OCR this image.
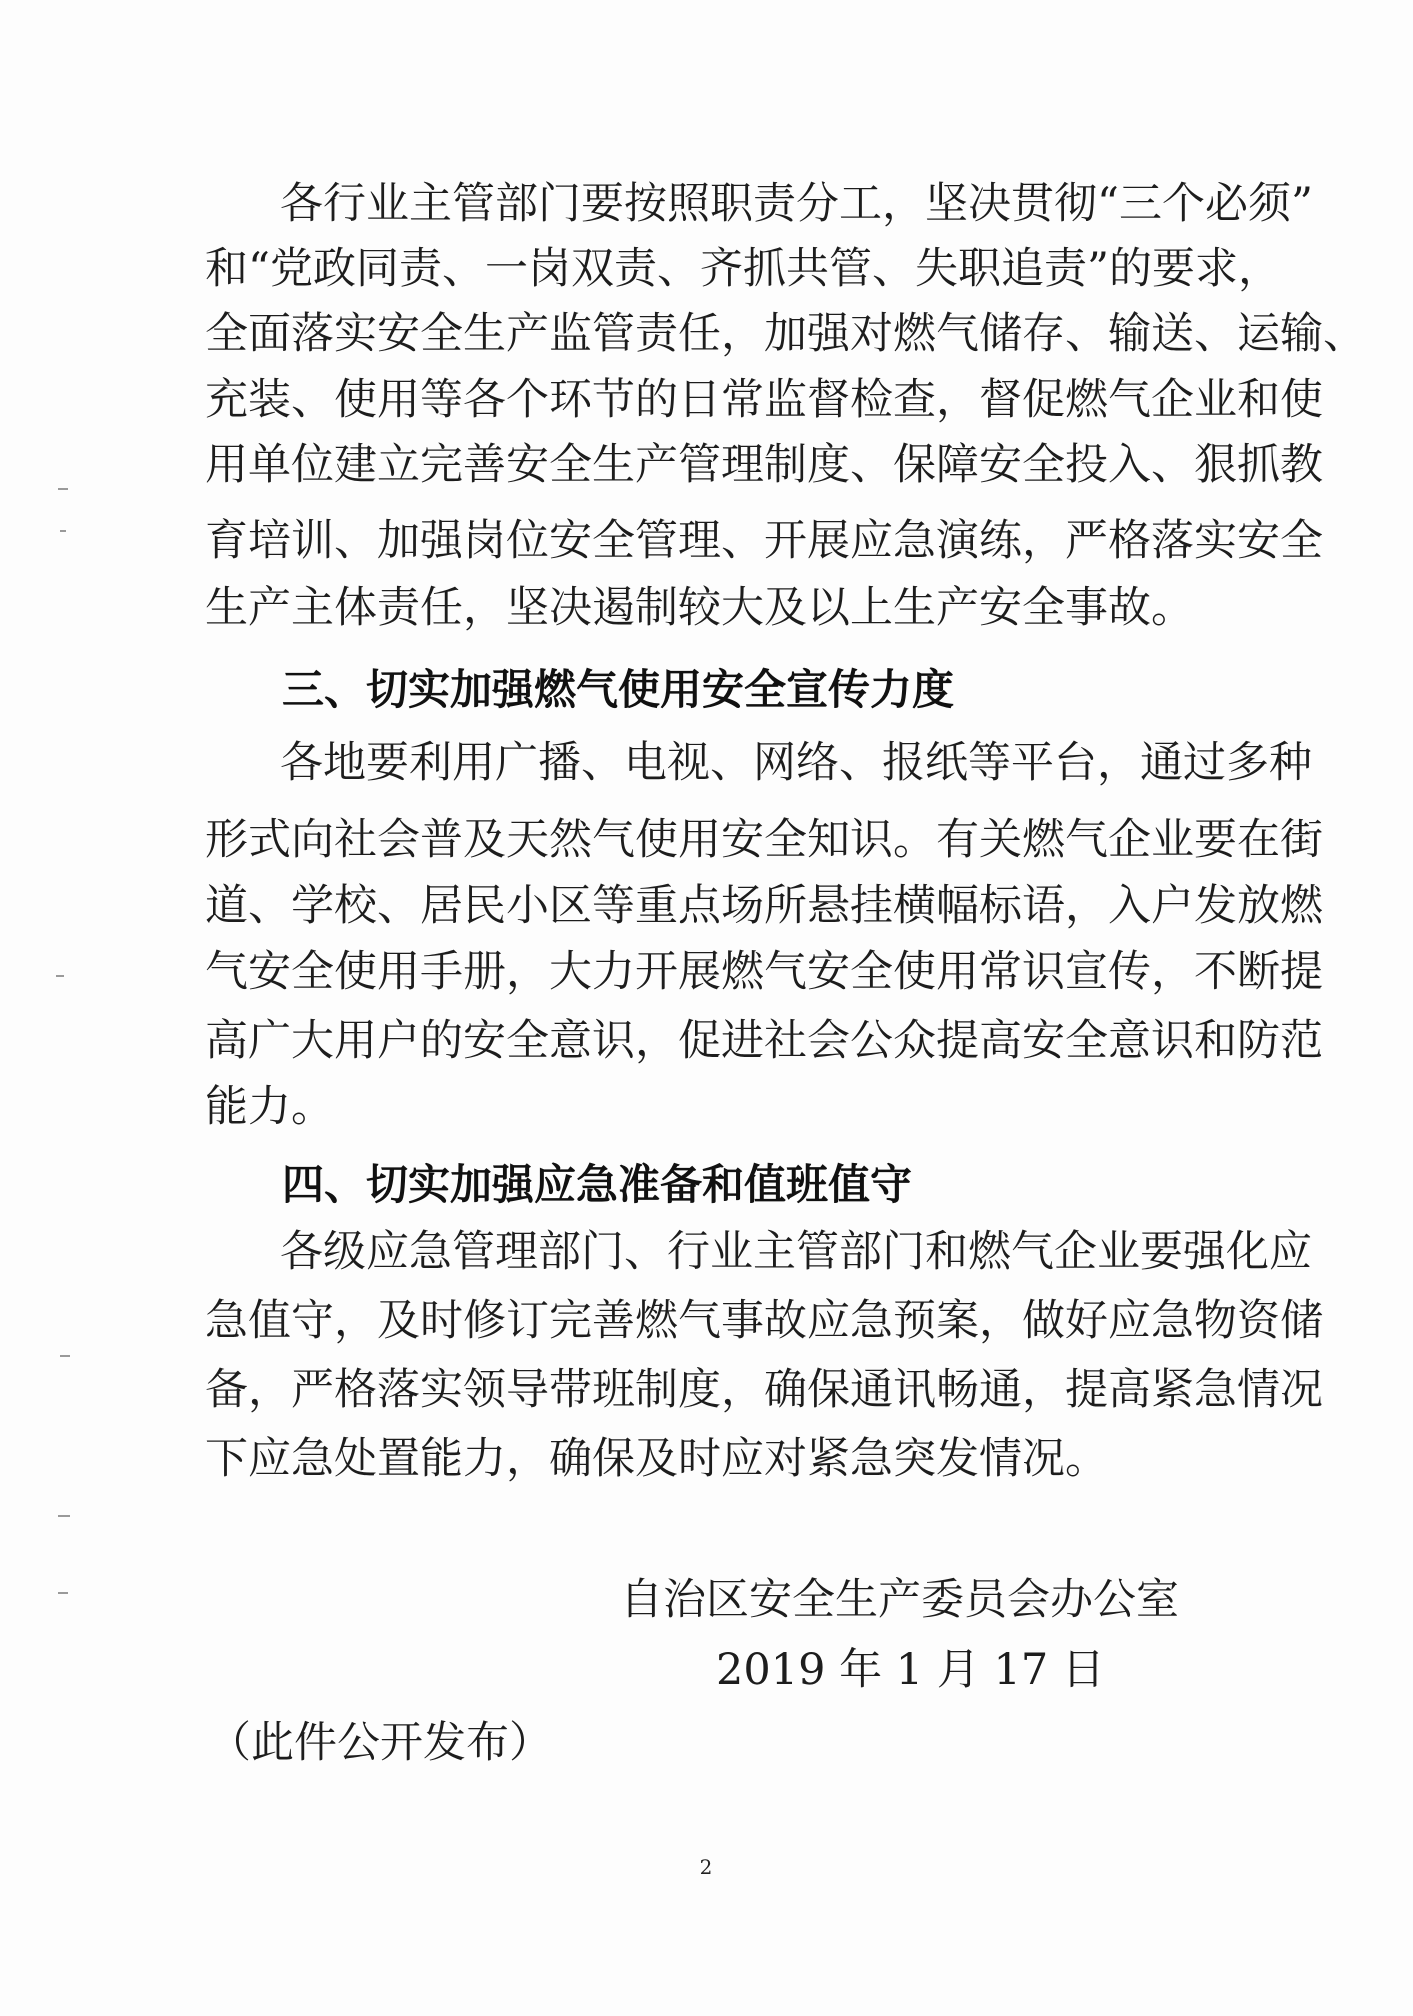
各行业主管部门要按照职责分工，坚决贯彻“三个必须”
和“党政同责、一岗双责、齐抓共管、失职追责”的要求，
全面落实安全生产监管责任，加强对燃气储存、输送、运输、
充装、使用等各个环节的日常监督检查，督促燃气企业和使
用单位建立完善安全生产管理制度、保障安全投入、狠抓教
育培训、加强岗位安全管理、开展应急演练，严格落实安全
生产主体责任，坚决遏制较大及以上生产安全事故。
三、切实加强燃气使用安全宣传力度
各地要利用广播、电视、网络、报纸等平台，通过多种
形式向社会普及天然气使用安全知识。有关燃气企业要在街
道、学校、居民小区等重点场所悬挂横幅标语，入户发放燃
气安全使用手册，大力开展燃气安全使用常识宣传，不断提
高广大用户的安全意识，促进社会公众提高安全意识和防范
能力。
四、切实加强应急准备和值班值守
各级应急管理部门、行业主管部门和燃气企业要强化应
急值守，及时修订完善燃气事故应急预案，做好应急物资储
备，严格落实领导带班制度，确保通讯畅通，提高紧急情况
下应急处置能力，确保及时应对紧急突发情况。
自治区安全生产委员会办公室
2019 年 1 月 17 日
（此件公开发布）
2
